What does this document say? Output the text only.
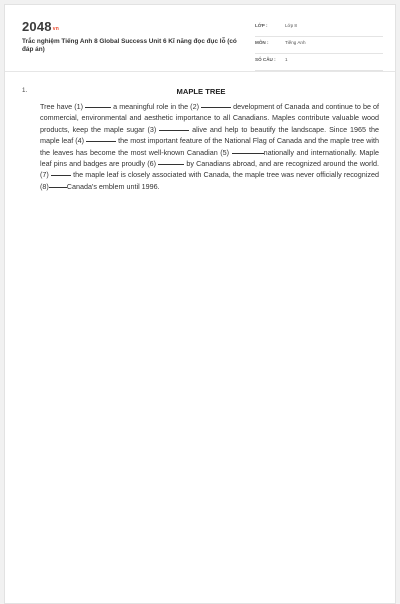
$2048^{vn}$
Trắc nghiệm Tiếng Anh 8 Global Success Unit 6 Kĩ năng đọc đục lỗ (có đáp án)
LỚP :	Lớp 8
MÔN :	Tiếng Anh
SỐ CÂU : 1
1.	MAPLE TREE
Tree have (1)	a meaningful role in the (2)	development of Canada and continue to be of commercial, environmental and aesthetic importance to all Canadians. Maples contribute valuable wood products, keep the maple sugar (3)	alive and help to beautify the landscape. Since 1965 the maple leaf (4)	the most important feature of the National Flag of Canada and the maple tree with the leaves has become the most well-known Canadian (5)	nationally and internationally. Maple leaf pins and badges are proudly (6)	by Canadians abroad, and are recognized around the world. (7)	the maple leaf is closely associated with Canada, the maple tree was never officially recognized (8)	Canada's emblem until 1996.
